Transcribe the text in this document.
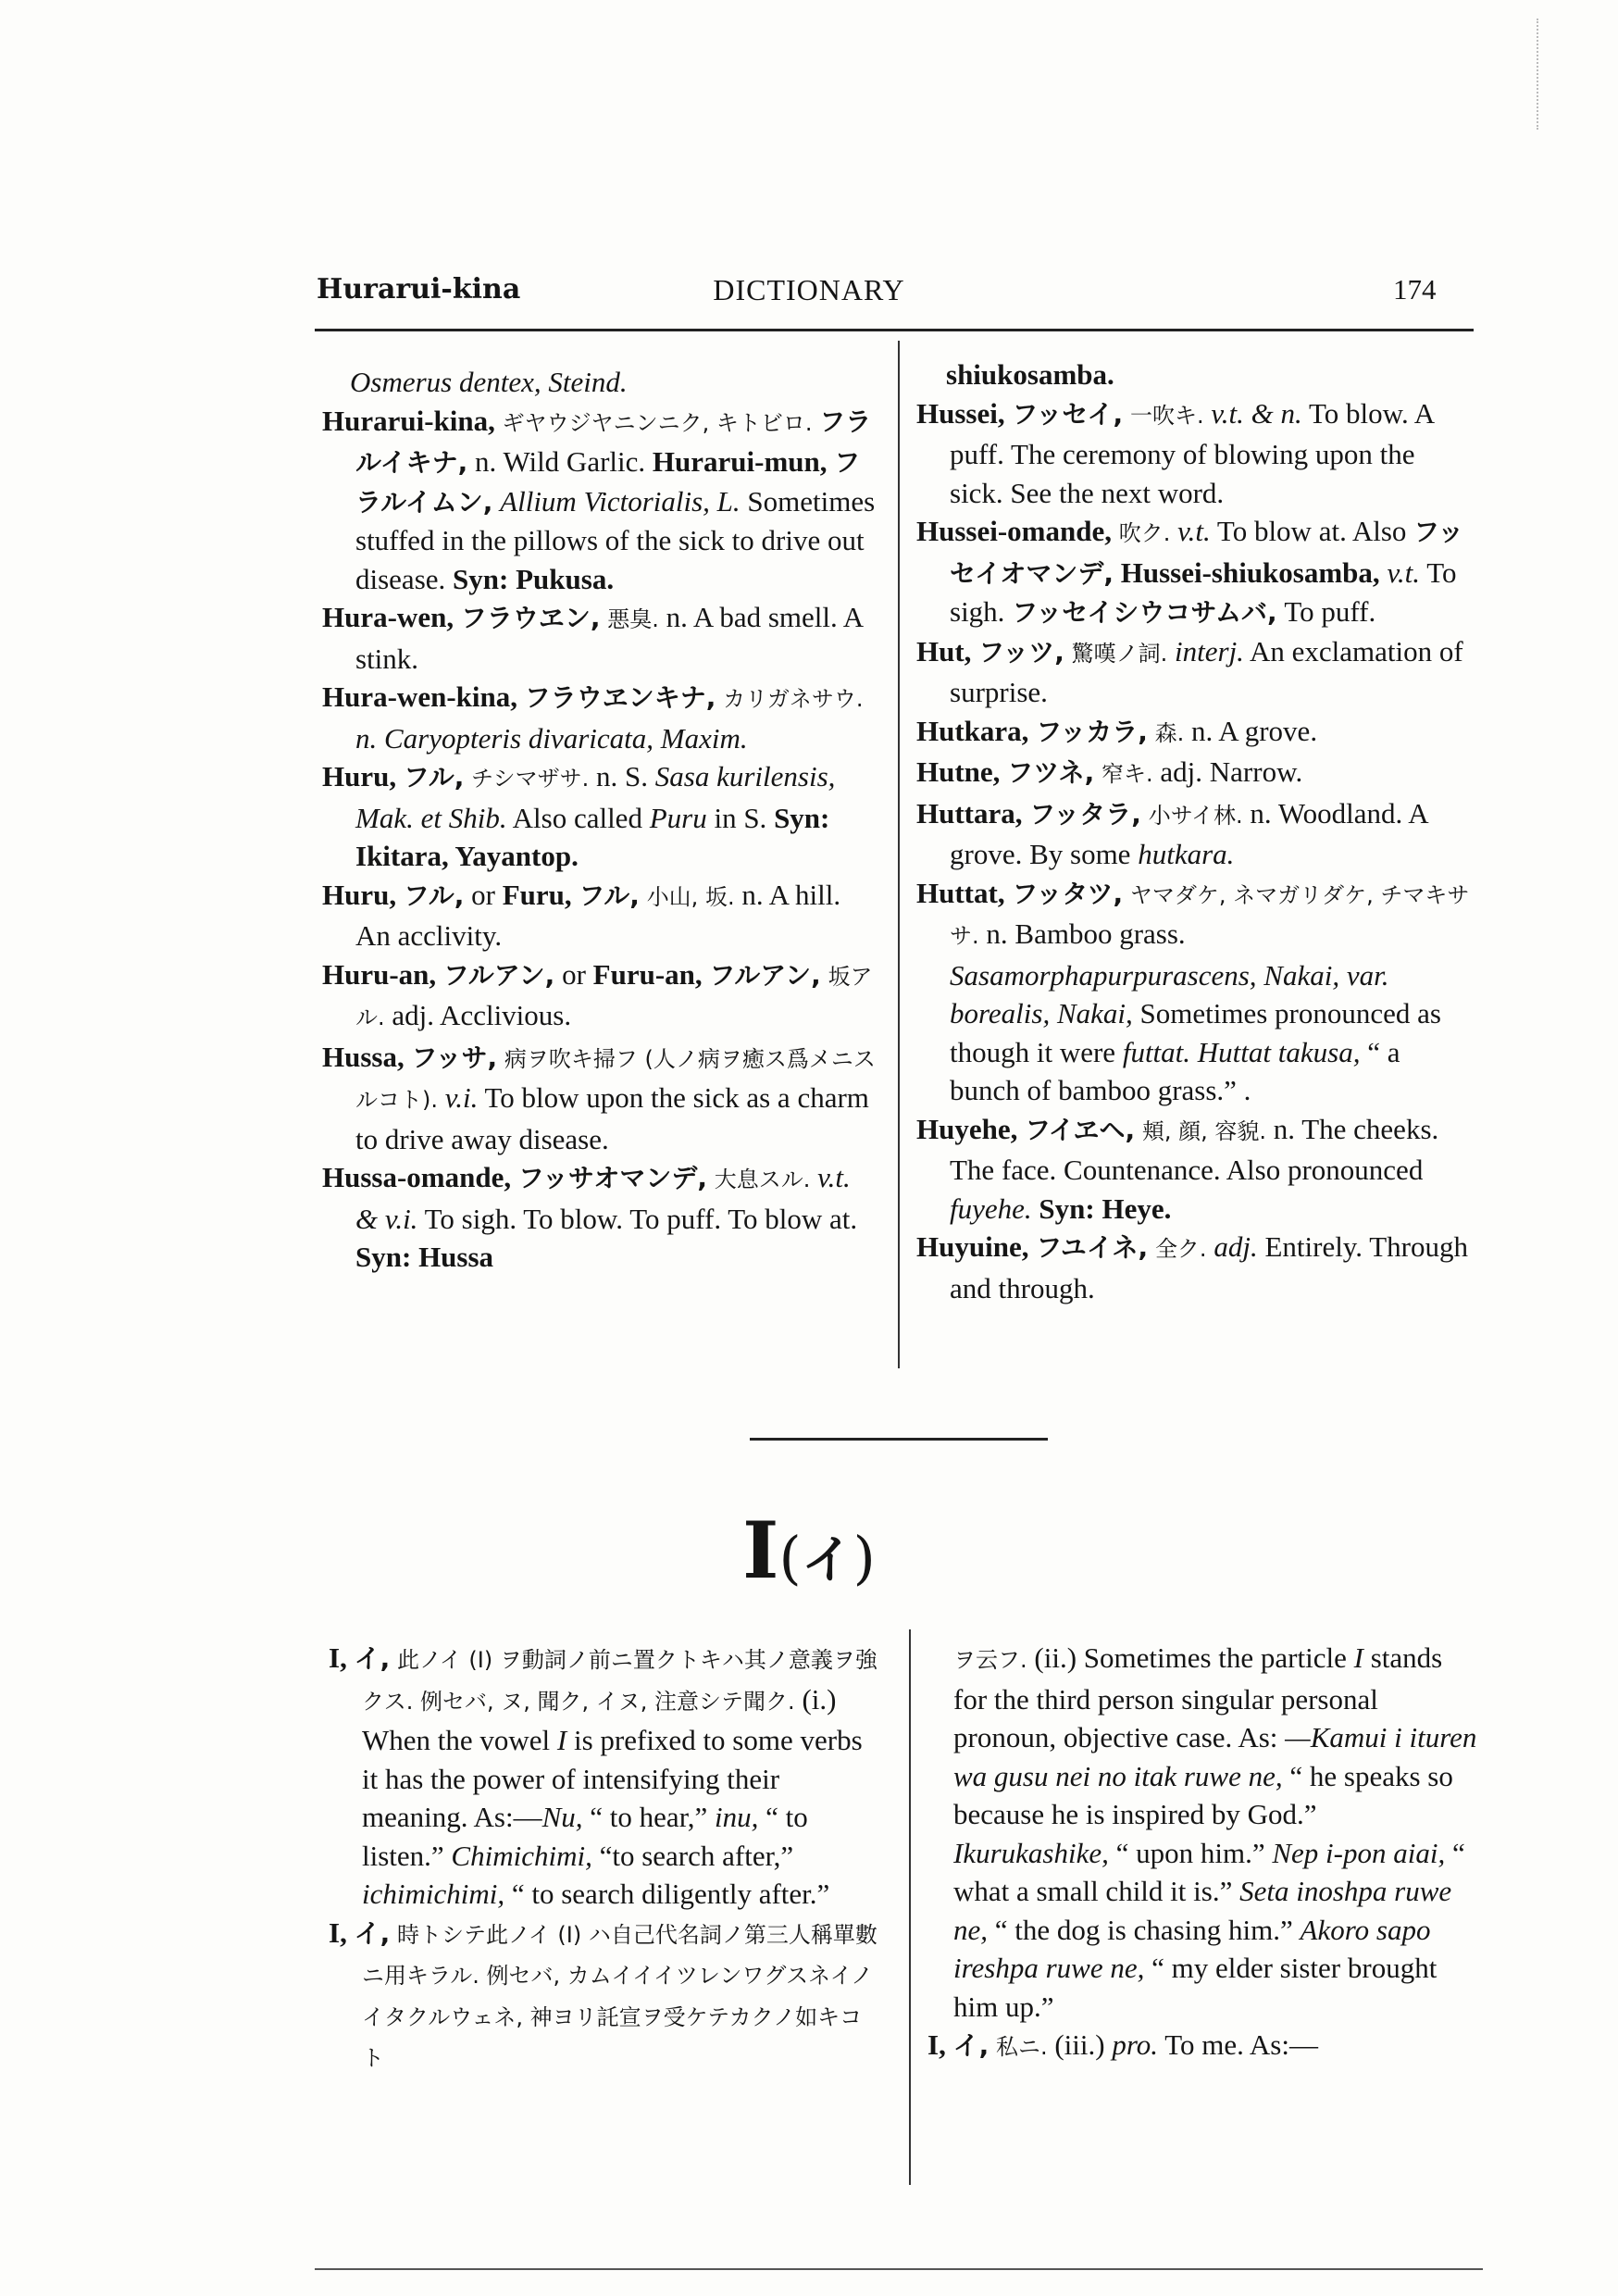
Hurarui-kina	DICTIONARY	174

Osmerus dentex, Steind.

Hurarui-kina, ギヤウジヤニンニク, キトビロ. フラルイキナ, n. Wild Garlic. Hurarui-mun, フラルイムン, Allium Victorialis, L. Sometimes stuffed in the pillows of the sick to drive out disease. Syn: Pukusa.

Hura-wen, フラウヱン, 悪臭. n. A bad smell. A stink.

Hura-wen-kina, フラウヱンキナ, カリガネサウ. n. Caryopteris divaricata, Maxim.

Huru, フル, チシマザサ. n. S. Sasa kurilensis, Mak. et Shib. Also called Puru in S. Syn: Ikitara, Yayantop.

Huru, フル, or Furu, フル, 小山, 坂. n. A hill. An acclivity.

Huru-an, フルアン, or Furu-an, フルアン, 坂アル. adj. Acclivious.

Hussa, フッサ, 病ヲ吹キ掃フ (人ノ病ヲ癒ス爲メニスルコト). v.i. To blow upon the sick as a charm to drive away disease.

Hussa-omande, フッサオマンデ, 大息スル. v.t. & v.i. To sigh. To blow. To puff. To blow at. Syn: Hussa

shiukosamba.

Hussei, フッセイ, 一吹キ. v.t. & n. To blow. A puff. The ceremony of blowing upon the sick. See the next word.

Hussei-omande, 吹ク. v.t. To blow at. Also フッセイオマンデ, Hussei-shiukosamba, v.t. To sigh. フッセイシウコサムバ, To puff.

Hut, フッツ, 驚嘆ノ詞. interj. An exclamation of surprise.

Hutkara, フッカラ, 森. n. A grove.

Hutne, フツネ, 窄キ. adj. Narrow.

Huttara, フッタラ, 小サイ林. n. Woodland. A grove. By some hutkara.

Huttat, フッタツ, ヤマダケ, ネマガリダケ, チマキササ. n. Bamboo grass. Sasamorphapurpurascens, Nakai, var. borealis, Nakai, Sometimes pronounced as though it were futtat. Huttat takusa, “ a bunch of bamboo grass.” .

Huyehe, フイヱヘ, 頬, 顔, 容貌. n. The cheeks. The face. Countenance. Also pronounced fuyehe. Syn: Heye.

Huyuine, フユイネ, 全ク. adj. Entirely. Through and through.

I(イ)

I, イ, 此ノイ (I) ヲ動詞ノ前ニ置クトキハ其ノ意義ヲ強クス. 例セバ, ヌ, 聞ク, イヌ, 注意シテ聞ク. (i.) When the vowel I is prefixed to some verbs it has the power of intensifying their meaning. As:—Nu, “ to hear,” inu, “ to listen.” Chimichimi, “to search after,” ichimichimi, “ to search diligently after.”

I, イ, 時トシテ此ノイ (I) ハ自己代名詞ノ第三人稱單數ニ用キラル. 例セバ, カムイイイツレンワグスネイノイタクルウェネ, 神ヨリ託宣ヲ受ケテカクノ如キコト

ヲ云フ. (ii.) Sometimes the particle I stands for the third person singular personal pronoun, objective case. As: —Kamui i ituren wa gusu nei no itak ruwe ne, “ he speaks so because he is inspired by God.” Ikurukashike, “ upon him.” Nep i-pon aiai, “ what a small child it is.” Seta inoshpa ruwe ne, “ the dog is chasing him.” Akoro sapo ireshpa ruwe ne, “ my elder sister brought him up.”

I, イ, 私ニ. (iii.) pro. To me. As:—
